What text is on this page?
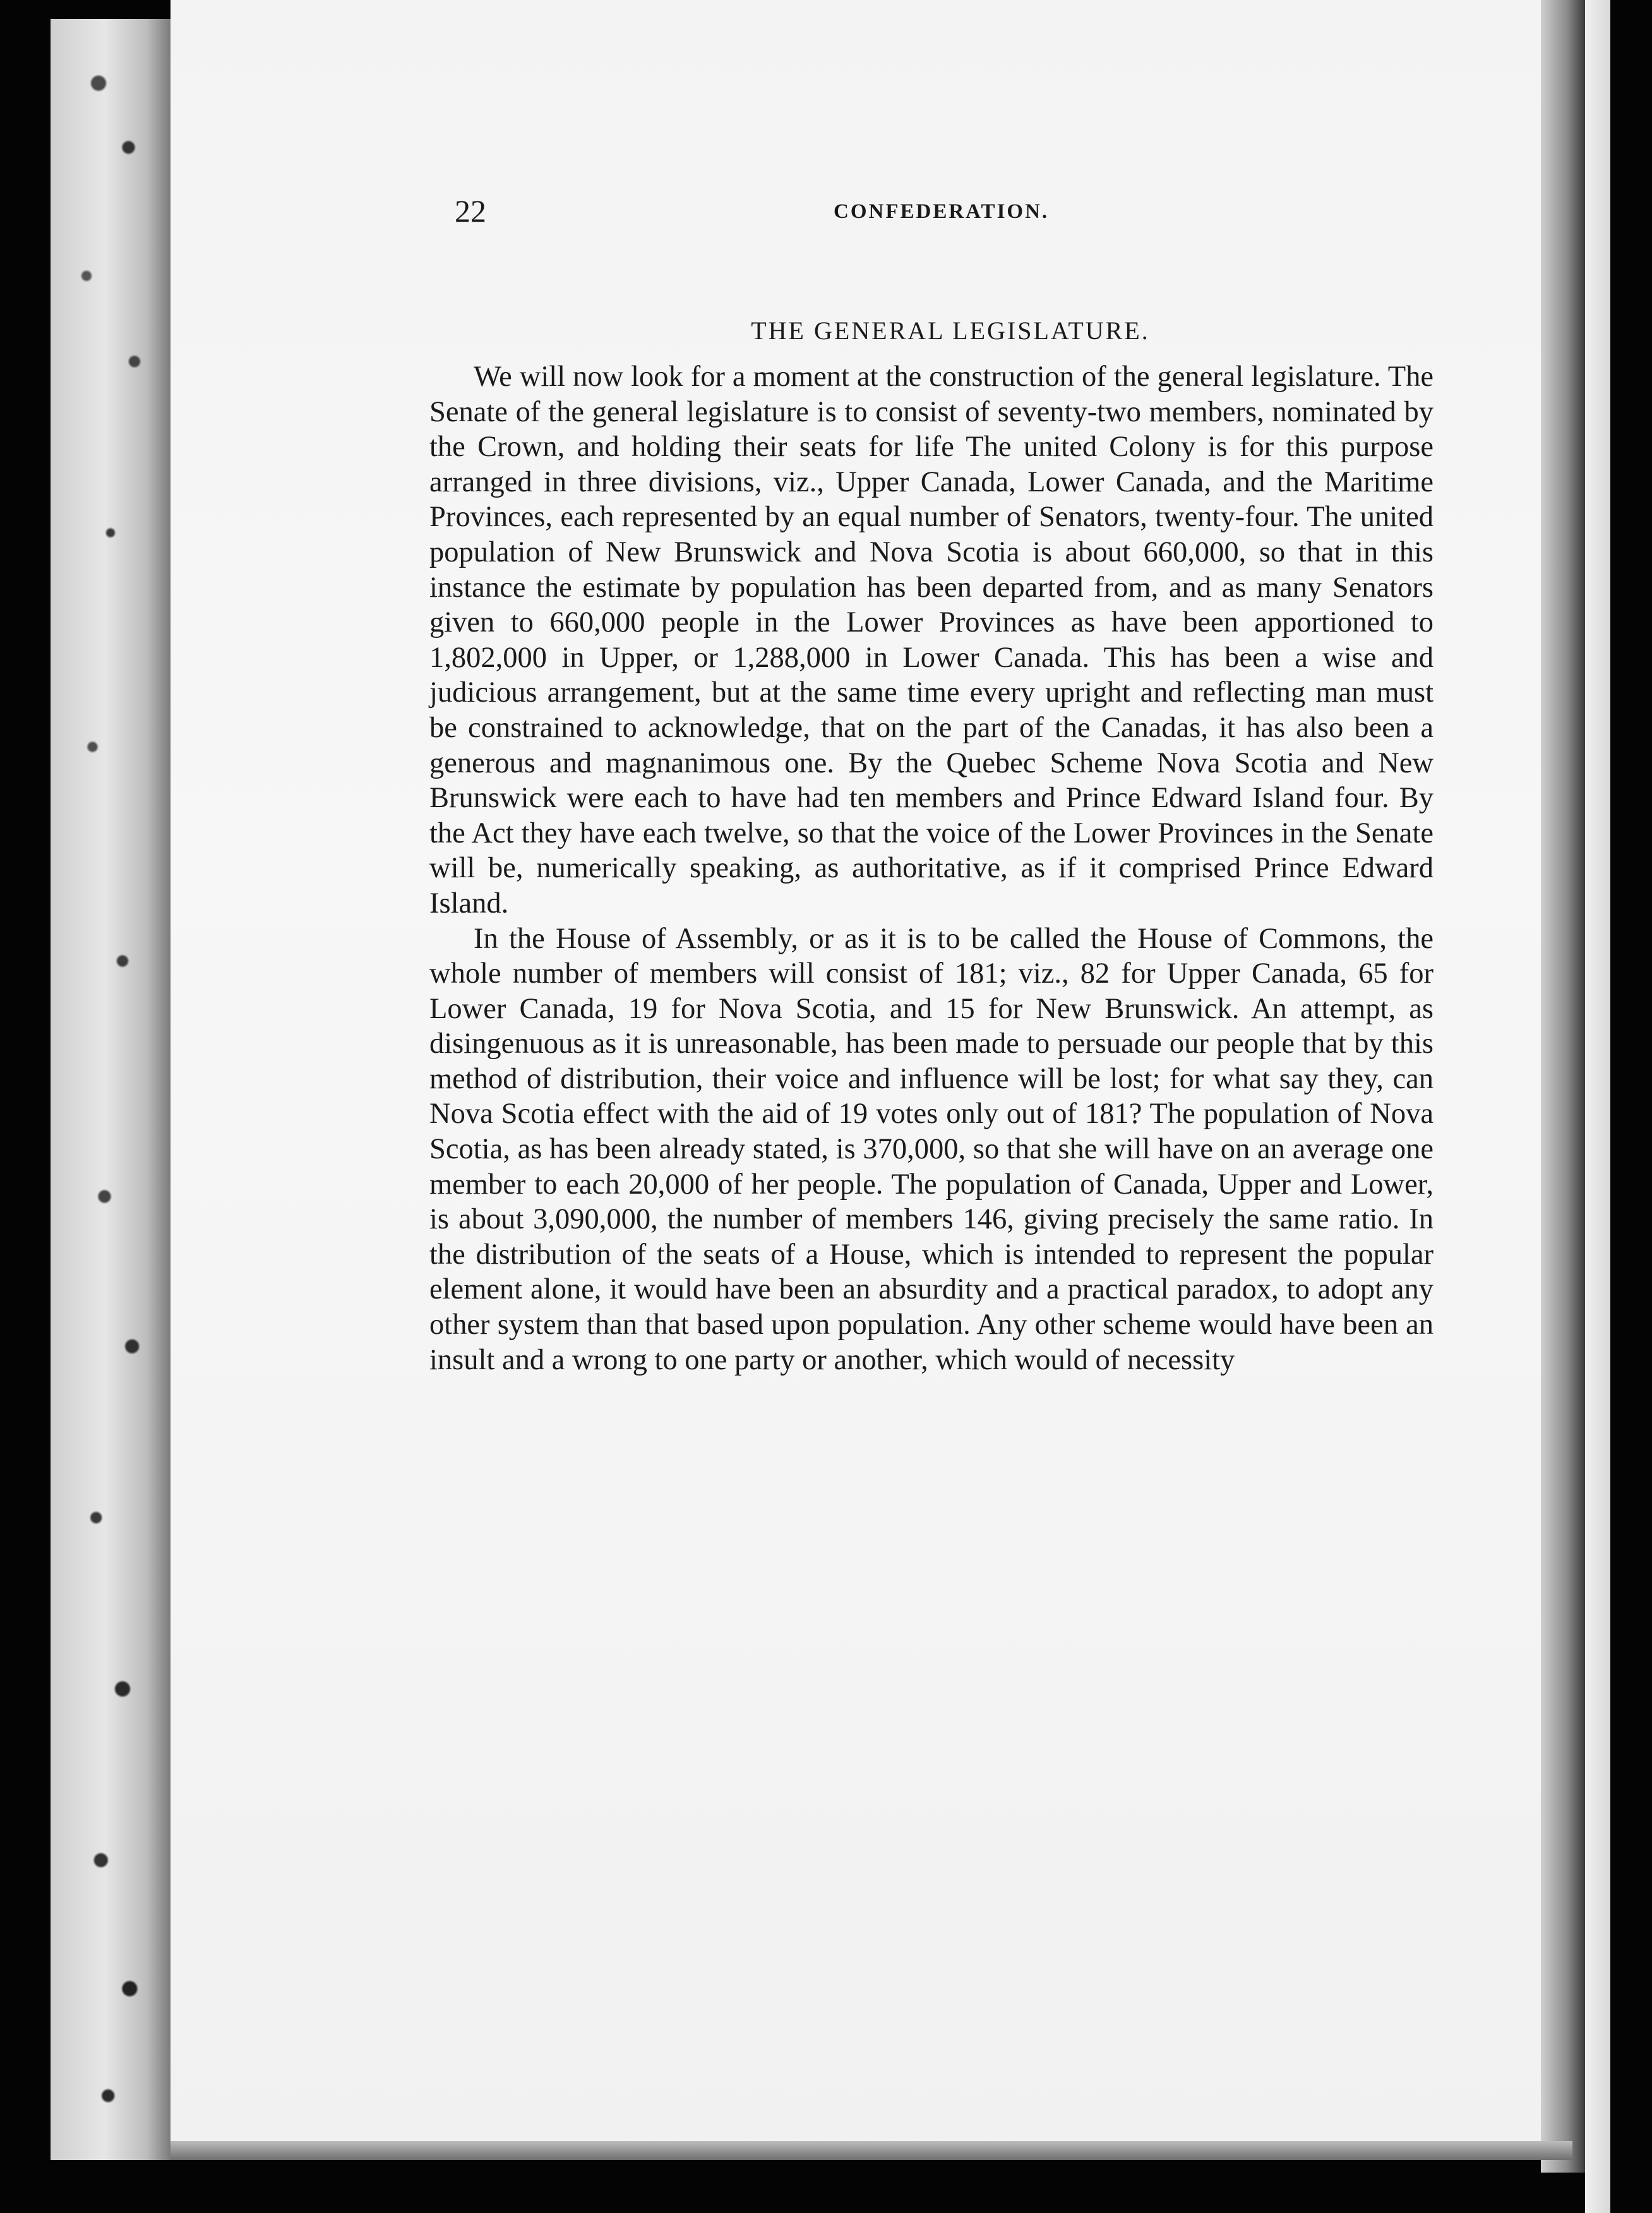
22	CONFEDERATION.
THE GENERAL LEGISLATURE.

We will now look for a moment at the construction of the general legislature. The Senate of the general legislature is to consist of seventy-two members, nominated by the Crown, and holding their seats for life The united Colony is for this purpose arranged in three divisions, viz., Upper Canada, Lower Canada, and the Maritime Provinces, each represented by an equal number of Senators, twenty-four. The united population of New Brunswick and Nova Scotia is about 660,000, so that in this instance the estimate by population has been departed from, and as many Senators given to 660,000 people in the Lower Provinces as have been apportioned to 1,802,000 in Upper, or 1,288,000 in Lower Canada. This has been a wise and judicious arrangement, but at the same time every upright and reflecting man must be constrained to acknowledge, that on the part of the Canadas, it has also been a generous and magnanimous one. By the Quebec Scheme Nova Scotia and New Brunswick were each to have had ten members and Prince Edward Island four. By the Act they have each twelve, so that the voice of the Lower Provinces in the Senate will be, numerically speaking, as authoritative, as if it comprised Prince Edward Island.

In the House of Assembly, or as it is to be called the House of Commons, the whole number of members will consist of 181; viz., 82 for Upper Canada, 65 for Lower Canada, 19 for Nova Scotia, and 15 for New Brunswick. An attempt, as disingenuous as it is unreasonable, has been made to persuade our people that by this method of distribution, their voice and influence will be lost; for what say they, can Nova Scotia effect with the aid of 19 votes only out of 181? The population of Nova Scotia, as has been already stated, is 370,000, so that she will have on an average one member to each 20,000 of her people. The population of Canada, Upper and Lower, is about 3,090,000, the number of members 146, giving precisely the same ratio. In the distribution of the seats of a House, which is intended to represent the popular element alone, it would have been an absurdity and a practical paradox, to adopt any other system than that based upon population. Any other scheme would have been an insult and a wrong to one party or another, which would of necessity
